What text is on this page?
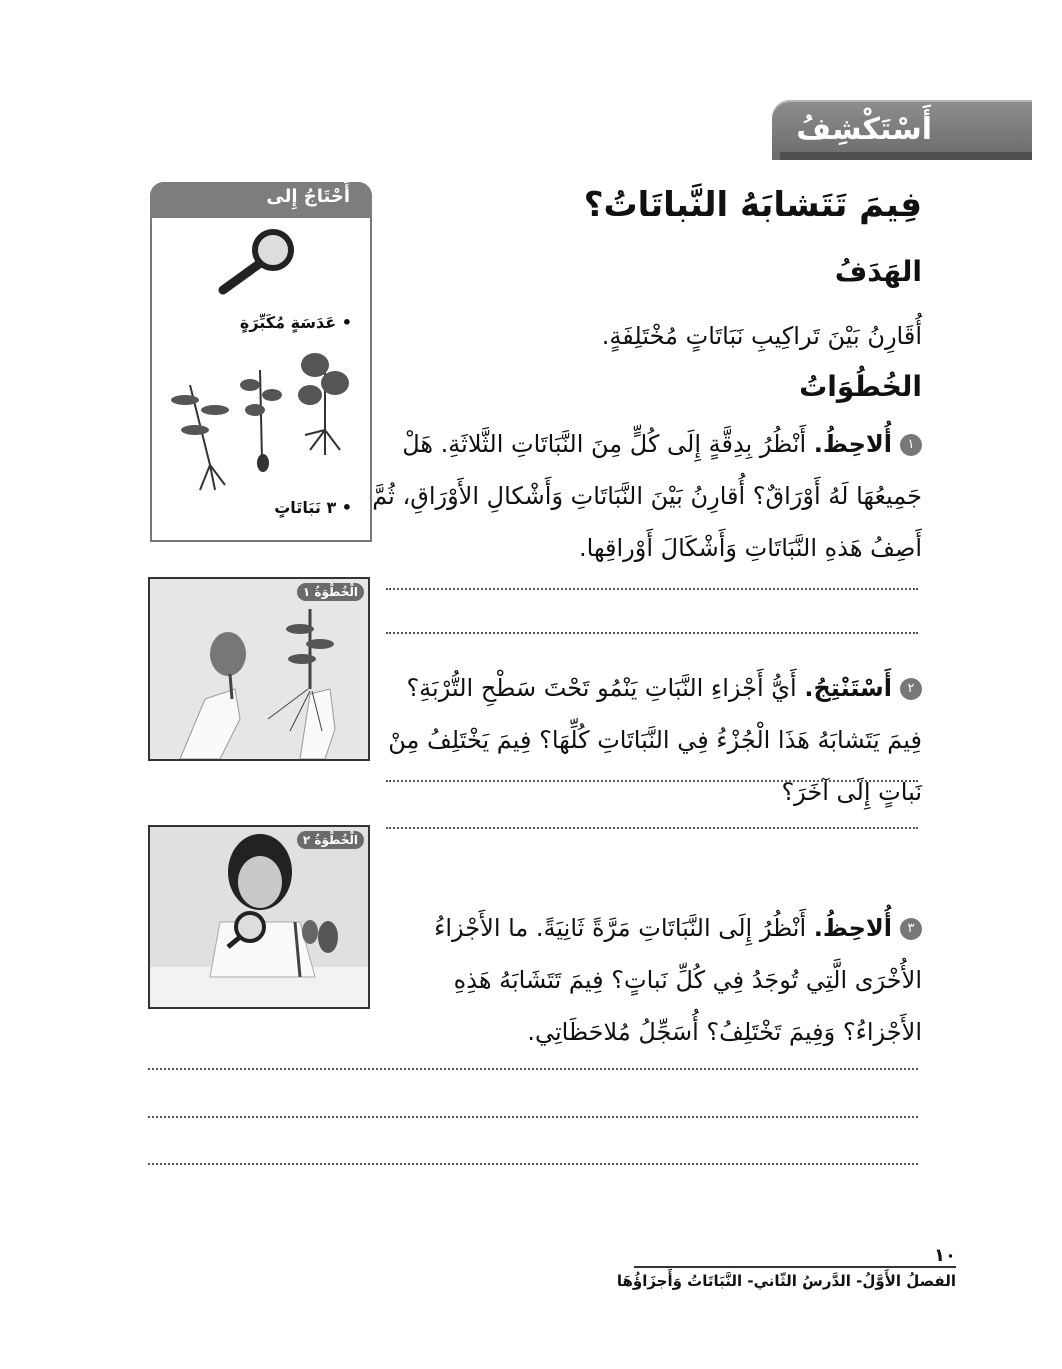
أَسْتَكْشِفُ
فِيمَ تَتَشابَهُ النَّباتَاتُ؟
الهَدَفُ
أُقَارِنُ بَيْنَ تَراكِيبِ نَبَاتَاتٍ مُخْتَلِفَةٍ.
الخُطُوَاتُ
١أُلاحِظُ. أَنْظُرُ بِدِقَّةٍ إِلَى كُلٍّ مِنَ النَّبَاتَاتِ الثَّلاثَةِ. هَلْ جَمِيعُهَا لَهُ أَوْرَاقٌ؟ أُقارِنُ بَيْنَ النَّبَاتَاتِ وَأَشْكالِ الأَوْرَاقِ، ثُمَّ أَصِفُ هَذهِ النَّبَاتَاتِ وَأَشْكَالَ أَوْراقِها.
٢أَسْتَنْتِجُ. أَيُّ أَجْزاءِ النَّبَاتِ يَنْمُو تَحْتَ سَطْحِ التُّرْبَةِ؟ فِيمَ يَتَشابَهُ هَذَا الْجُزْءُ فِي النَّبَاتَاتِ كُلِّهَا؟ فِيمَ يَخْتَلِفُ مِنْ نَباتٍ إِلَى آخَرَ؟
٣أُلاحِظُ. أَنْظُرُ إِلَى النَّبَاتَاتِ مَرَّةً ثَانِيَةً. ما الأَجْزاءُ الأُخْرَى الَّتِي تُوجَدُ فِي كُلِّ نَباتٍ؟ فِيمَ تَتَشَابَهُ هَذِهِ الأَجْزاءُ؟ وَفِيمَ تَخْتَلِفُ؟ أُسَجِّلُ مُلاحَظَاتِي.
أَحْتَاجُ إِلى
• عَدَسَةٍ مُكَبِّرَةٍ
• ٣ نَبَاتَاتٍ
الْخُطْوَةُ ١
الْخُطْوَةُ ٢
١٠
الفصلُ الأَوَّلُ- الدَّرسُ الثّاني- النَّبَاتَاتُ وَأَجزَاؤُهَا
